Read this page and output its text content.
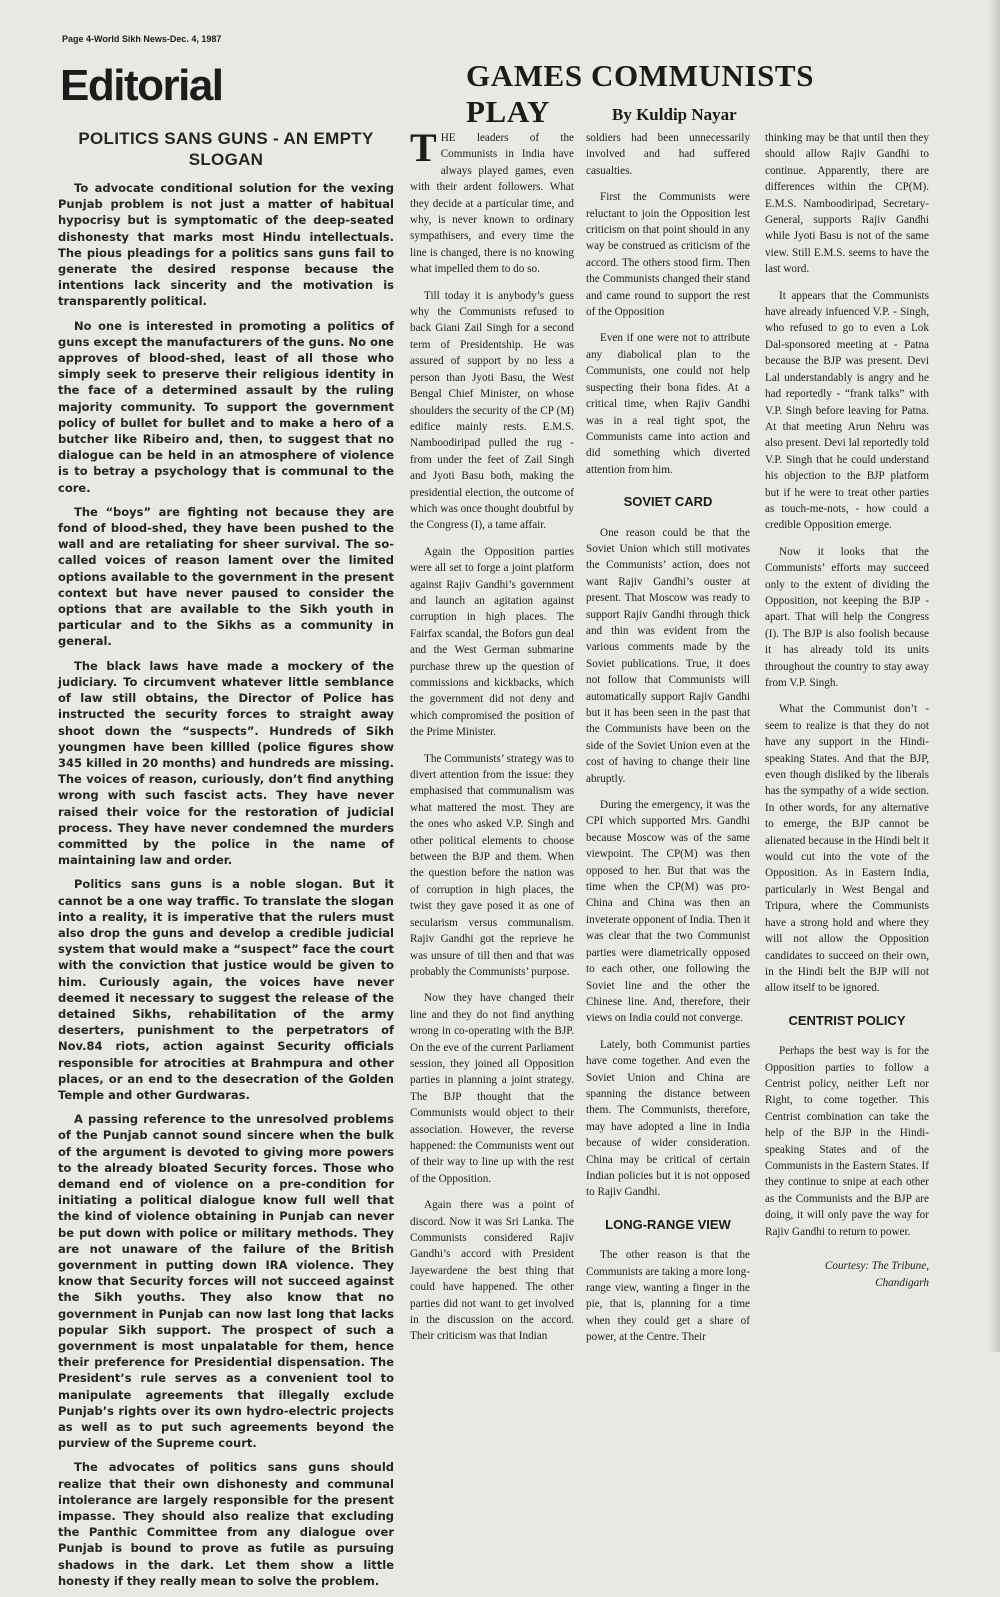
Page 4-World Sikh News-Dec. 4, 1987
Editorial	GAMES COMMUNISTS PLAY	By Kuldip Nayar
POLITICS SANS GUNS - AN EMPTY SLOGAN

To advocate conditional solution for the vexing Punjab problem is not just a matter of habitual hypocrisy but is symptomatic of the deep-seated dishonesty that marks most Hindu intellectuals. The pious pleadings for a politics sans guns fail to generate the desired response because the intentions lack sincerity and the motivation is transparently political.

No one is interested in promoting a politics of guns except the manufacturers of the guns. No one approves of blood-shed, least of all those who simply seek to preserve their religious identity in the face of a determined assault by the ruling majority community. To support the government policy of bullet for bullet and to make a hero of a butcher like Ribeiro and, then, to suggest that no dialogue can be held in an atmosphere of violence is to betray a psychology that is communal to the core.

The “boys” are fighting not because they are fond of blood-shed, they have been pushed to the wall and are retaliating for sheer survival. The so-called voices of reason lament over the limited options available to the government in the present context but have never paused to consider the options that are available to the Sikh youth in particular and to the Sikhs as a community in general.

The black laws have made a mockery of the judiciary. To circumvent whatever little semblance of law still obtains, the Director of Police has instructed the security forces to straight away shoot down the “suspects”. Hundreds of Sikh youngmen have been killled (police figures show 345 killed in 20 months) and hundreds are missing. The voices of reason, curiously, don’t find anything wrong with such fascist acts. They have never raised their voice for the restoration of judicial process. They have never condemned the murders committed by the police in the name of maintaining law and order.

Politics sans guns is a noble slogan. But it cannot be a one way traffic. To translate the slogan into a reality, it is imperative that the rulers must also drop the guns and develop a credible judicial system that would make a “suspect” face the court with the conviction that justice would be given to him. Curiously again, the voices have never deemed it necessary to suggest the release of the detained Sikhs, rehabilitation of the army deserters, punishment to the perpetrators of Nov.84 riots, action against Security officials responsible for atrocities at Brahmpura and other places, or an end to the desecration of the Golden Temple and other Gurdwaras.

A passing reference to the unresolved problems of the Punjab cannot sound sincere when the bulk of the argument is devoted to giving more powers to the already bloated Security forces. Those who demand end of violence on a pre-condition for initiating a political dialogue know full well that the kind of violence obtaining in Punjab can never be put down with police or military methods. They are not unaware of the failure of the British government in putting down IRA violence. They know that Security forces will not succeed against the Sikh youths. They also know that no government in Punjab can now last long that lacks popular Sikh support. The prospect of such a government is most unpalatable for them, hence their preference for Presidential dispensation. The President’s rule serves as a convenient tool to manipulate agreements that illegally exclude Punjab’s rights over its own hydro-electric projects as well as to put such agreements beyond the purview of the Supreme court.

The advocates of politics sans guns should realize that their own dishonesty and communal intolerance are largely responsible for the present impasse. They should also realize that excluding the Panthic Committee from any dialogue over Punjab is bound to prove as futile as pursuing shadows in the dark. Let them show a little honesty if they really mean to solve the problem.

THE leaders of the Communists in India have always played games, even with their ardent followers. What they decide at a particular time, and why, is never known to ordinary sympathisers, and every time the line is changed, there is no knowing what impelled them to do so.

Till today it is anybody’s guess why the Communists refused to back Giani Zail Singh for a second term of Presidentship. He was assured of support by no less a person than Jyoti Basu, the West Bengal Chief Minister, on whose shoulders the security of the CP (M) edifice mainly rests. E.M.S. Namboodiripad pulled the rug - from under the feet of Zail Singh and Jyoti Basu both, making the presidential election, the outcome of which was once thought doubtful by the Congress (I), a tame affair.

Again the Opposition parties were all set to forge a joint platform against Rajiv Gandhi’s government and launch an agitation against corruption in high places. The Fairfax scandal, the Bofors gun deal and the West German submarine purchase threw up the question of commissions and kickbacks, which the government did not deny and which compromised the position of the Prime Minister.

The Communists’ strategy was to divert attention from the issue: they emphasised that communalism was what mattered the most. They are the ones who asked V.P. Singh and other political elements to choose between the BJP and them. When the question before the nation was of corruption in high places, the twist they gave posed it as one of secularism versus communalism. Rajiv Gandhi got the reprieve he was unsure of till then and that was probably the Communists’ purpose.

Now they have changed their line and they do not find anything wrong in co-operating with the BJP. On the eve of the current Parliament session, they joined all Opposition parties in planning a joint strategy. The BJP thought that the Communists would object to their association. However, the reverse happened: the Communists went out of their way to line up with the rest of the Opposition.

Again there was a point of discord. Now it was Sri Lanka. The Communists considered Rajiv Gandhi’s accord with President Jayewardene the best thing that could have happened. The other parties did not want to get involved in the discussion on the accord. Their criticism was that Indian

soldiers had been unnecessarily involved and had suffered casualties.

First the Communists were reluctant to join the Opposition lest criticism on that point should in any way be construed as criticism of the accord. The others stood firm. Then the Communists changed their stand and came round to support the rest of the Opposition

Even if one were not to attribute any diabolical plan to the Communists, one could not help suspecting their bona fides. At a critical time, when Rajiv Gandhi was in a real tight spot, the Communists came into action and did something which diverted attention from him.

SOVIET CARD

One reason could be that the Soviet Union which still motivates the Communists’ action, does not want Rajiv Gandhi’s ouster at present. That Moscow was ready to support Rajiv Gandhi through thick and thin was evident from the various comments made by the Soviet publications. True, it does not follow that Communists will automatically support Rajiv Gandhi but it has been seen in the past that the Communists have been on the side of the Soviet Union even at the cost of having to change their line abruptly.

During the emergency, it was the CPI which supported Mrs. Gandhi because Moscow was of the same viewpoint. The CP(M) was then opposed to her. But that was the time when the CP(M) was pro-China and China was then an inveterate opponent of India. Then it was clear that the two Communist parties were diametrically opposed to each other, one following the Soviet line and the other the Chinese line. And, therefore, their views on India could not converge.

Lately, both Communist parties have come together. And even the Soviet Union and China are spanning the distance between them. The Communists, therefore, may have adopted a line in India because of wider consideration. China may be critical of certain Indian policies but it is not opposed to Rajiv Gandhi.

LONG-RANGE VIEW

The other reason is that the Communists are taking a more long-range view, wanting a finger in the pie, that is, planning for a time when they could get a share of power, at the Centre. Their

thinking may be that until then they should allow Rajiv Gandhi to continue. Apparently, there are differences within the CP(M). E.M.S. Namboodiripad, Secretary-General, supports Rajiv Gandhi while Jyoti Basu is not of the same view. Still E.M.S. seems to have the last word.

It appears that the Communists have already infuenced V.P. - Singh, who refused to go to even a Lok Dal-sponsored meeting at - Patna because the BJP was present. Devi Lal understandably is angry and he had reportedly - “frank talks” with V.P. Singh before leaving for Patna. At that meeting Arun Nehru was also present. Devi lal reportedly told V.P. Singh that he could understand his objection to the BJP platform but if he were to treat other parties as touch-me-nots, - how could a credible Opposition emerge.

Now it looks that the Communists’ efforts may succeed only to the extent of dividing the Opposition, not keeping the BJP - apart. That will help the Congress (I). The BJP is also foolish because it has already told its units throughout the country to stay away from V.P. Singh.

What the Communist don’t - seem to realize is that they do not have any support in the Hindi-speaking States. And that the BJP, even though disliked by the liberals has the sympathy of a wide section. In other words, for any alternative to emerge, the BJP cannot be alienated because in the Hindi belt it would cut into the vote of the Opposition. As in Eastern India, particularly in West Bengal and Tripura, where the Communists have a strong hold and where they will not allow the Opposition candidates to succeed on their own, in the Hindi belt the BJP will not allow itself to be ignored.

CENTRIST POLICY

Perhaps the best way is for the Opposition parties to follow a Centrist policy, neither Left nor Right, to come together. This Centrist combination can take the help of the BJP in the Hindi-speaking States and of the Communists in the Eastern States. If they continue to snipe at each other as the Communists and the BJP are doing, it will only pave the way for Rajiv Gandhi to return to power.

Courtesy: The Tribune,
Chandigarh
